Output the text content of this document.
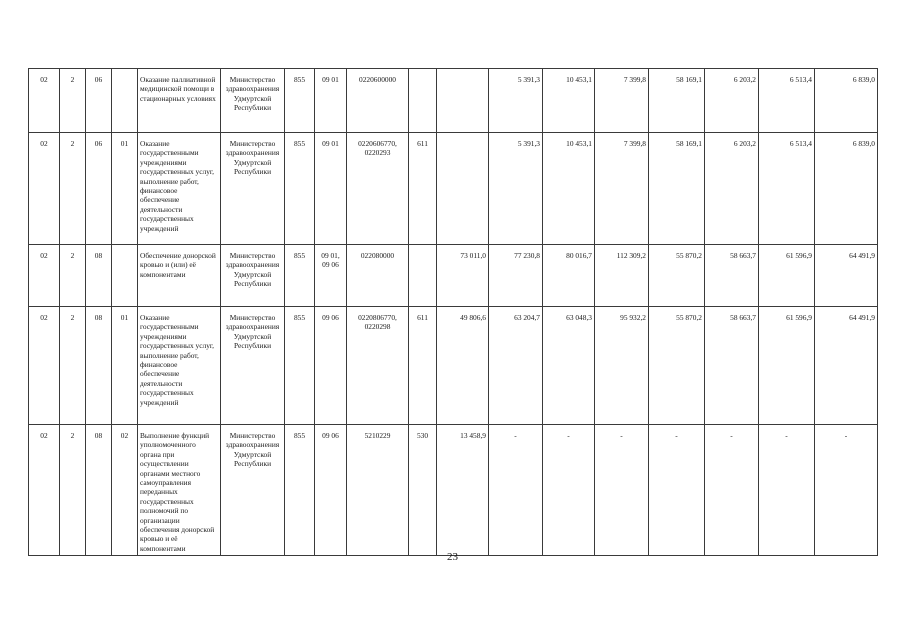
02	2	06		Оказание паллиативной медицинской помощи в стационарных условиях	Министерство здравоохранения Удмуртской Республики	855	09 01	0220600000			5 391,3	10 453,1	7 399,8	58 169,1	6 203,2	6 513,4	6 839,0	
02	2	06	01	Оказание государственными учреждениями государственных услуг, выполнение работ, финансовое обеспечение деятельности государственных учреждений	Министерство здравоохранения Удмуртской Республики	855	09 01	0220606770, 0220293	611		5 391,3	10 453,1	7 399,8	58 169,1	6 203,2	6 513,4	6 839,0	
02	2	08		Обеспечение донорской кровью и (или) её компонентами	Министерство здравоохранения Удмуртской Республики	855	09 01, 09 06	022080000		73 011,0	77 230,8	80 016,7	112 309,2	55 870,2	58 663,7	61 596,9	64 491,9	
02	2	08	01	Оказание государственными учреждениями государственных услуг, выполнение работ, финансовое обеспечение деятельности государственных учреждений	Министерство здравоохранения Удмуртской Республики	855	09 06	0220806770, 0220298	611	49 806,6	63 204,7	63 048,3	95 932,2	55 870,2	58 663,7	61 596,9	64 491,9	
02	2	08	02	Выполнение функций уполномоченного органа при осуществлении органами местного самоуправления переданных государственных полномочий по организации обеспечения донорской кровью и её компонентами	Министерство здравоохранения Удмуртской Республики	855	09 06	5210229	530	13 458,9	-	-	-	-	-	-	-	
23
